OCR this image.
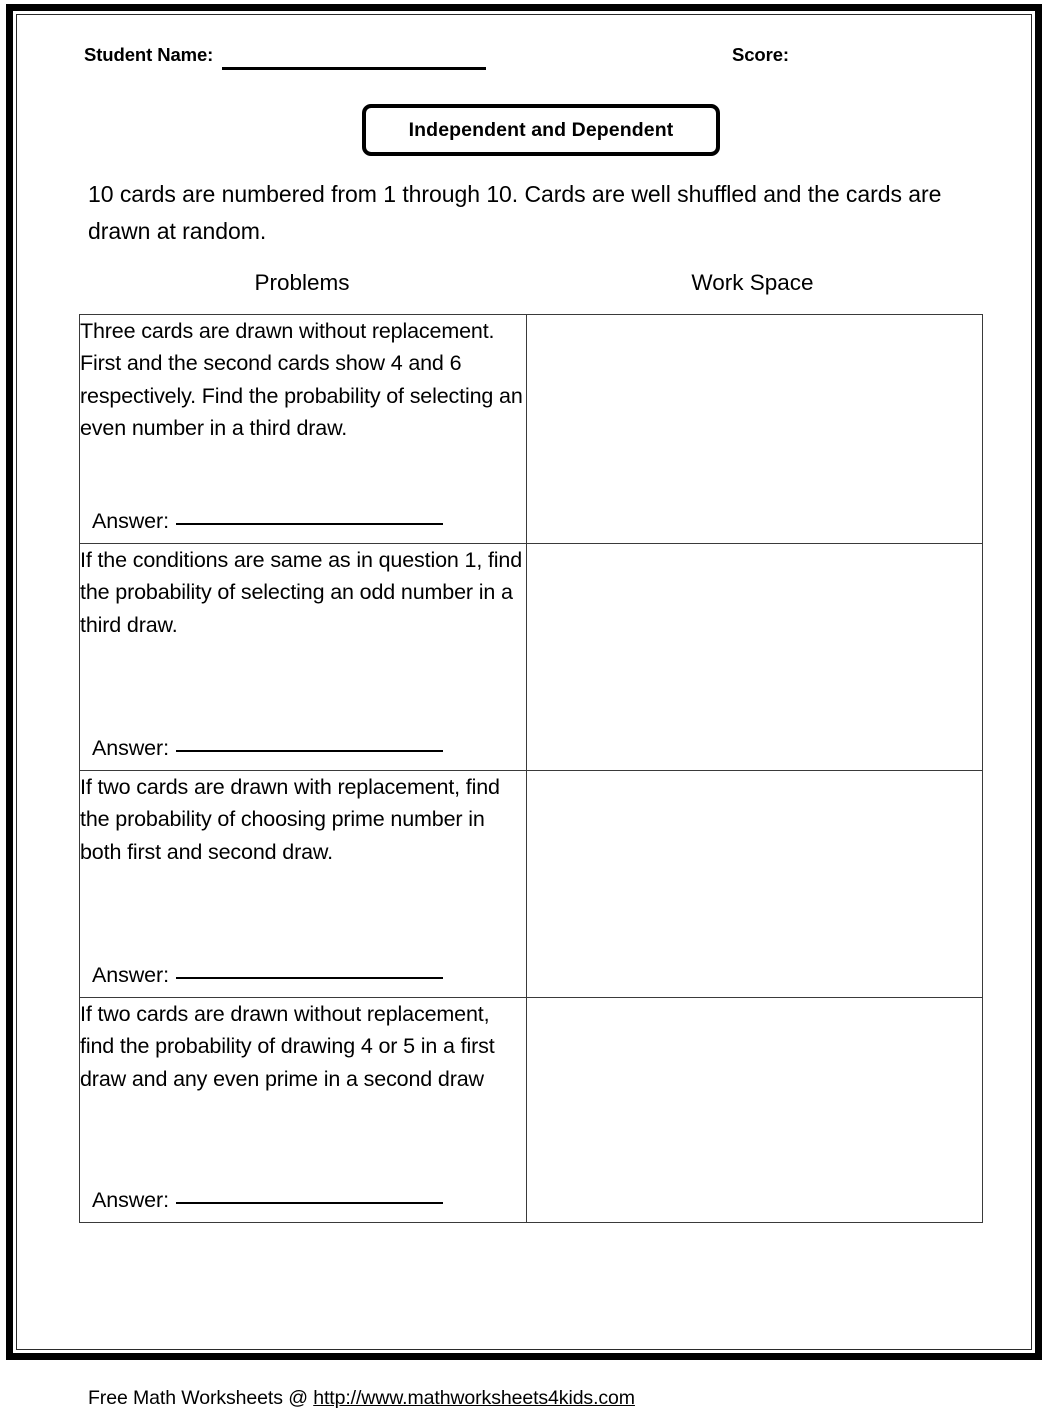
Student Name:	Score:
Independent and Dependent
10 cards are numbered from 1 through 10. Cards are well shuffled and the cards are drawn at random.
Problems	Work Space
Three cards are drawn without replacement. First and the second cards show 4 and 6 respectively. Find the probability of selecting an even number in a third draw.
Answer:	

If the conditions are same as in question 1, find the probability of selecting an odd number in a third draw.
Answer:	

If two cards are drawn with replacement, find the probability of choosing prime number in both first and second draw.
Answer:	

If two cards are drawn without replacement, find the probability of drawing 4 or 5 in a first draw and any even prime in a second draw
Answer:	

Free Math Worksheets @ http://www.mathworksheets4kids.com
